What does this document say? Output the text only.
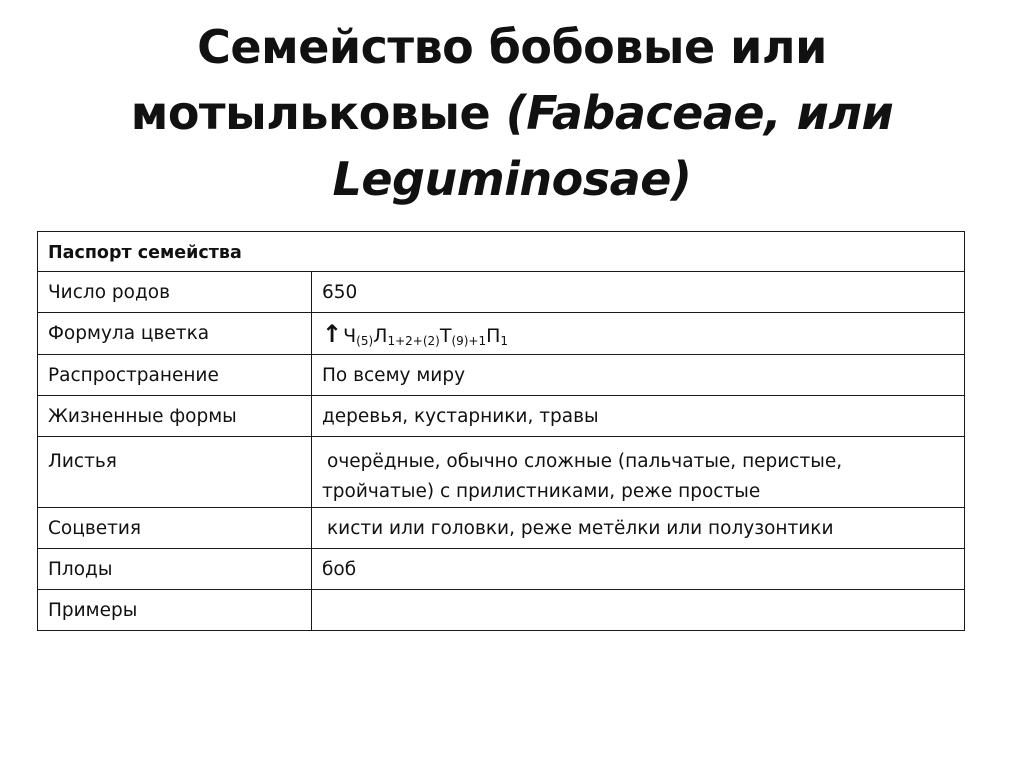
Семейство бобовые или
мотыльковые (Fabaceae, или
Leguminosae)
Паспорт семейства	
Число родов	650
Формула цветка	$↑Ч_{(5)}Л_{1+2+(2)}Т_{(9)+1}П_1$
Распространение	По всему миру
Жизненные формы	деревья, кустарники, травы
Листья	очерёдные, обычно сложные (пальчатые, перистые,
тройчатые) с прилистниками, реже простые

Соцветия	кисти или головки, реже метёлки или полузонтики
Плоды	боб
Примеры	
